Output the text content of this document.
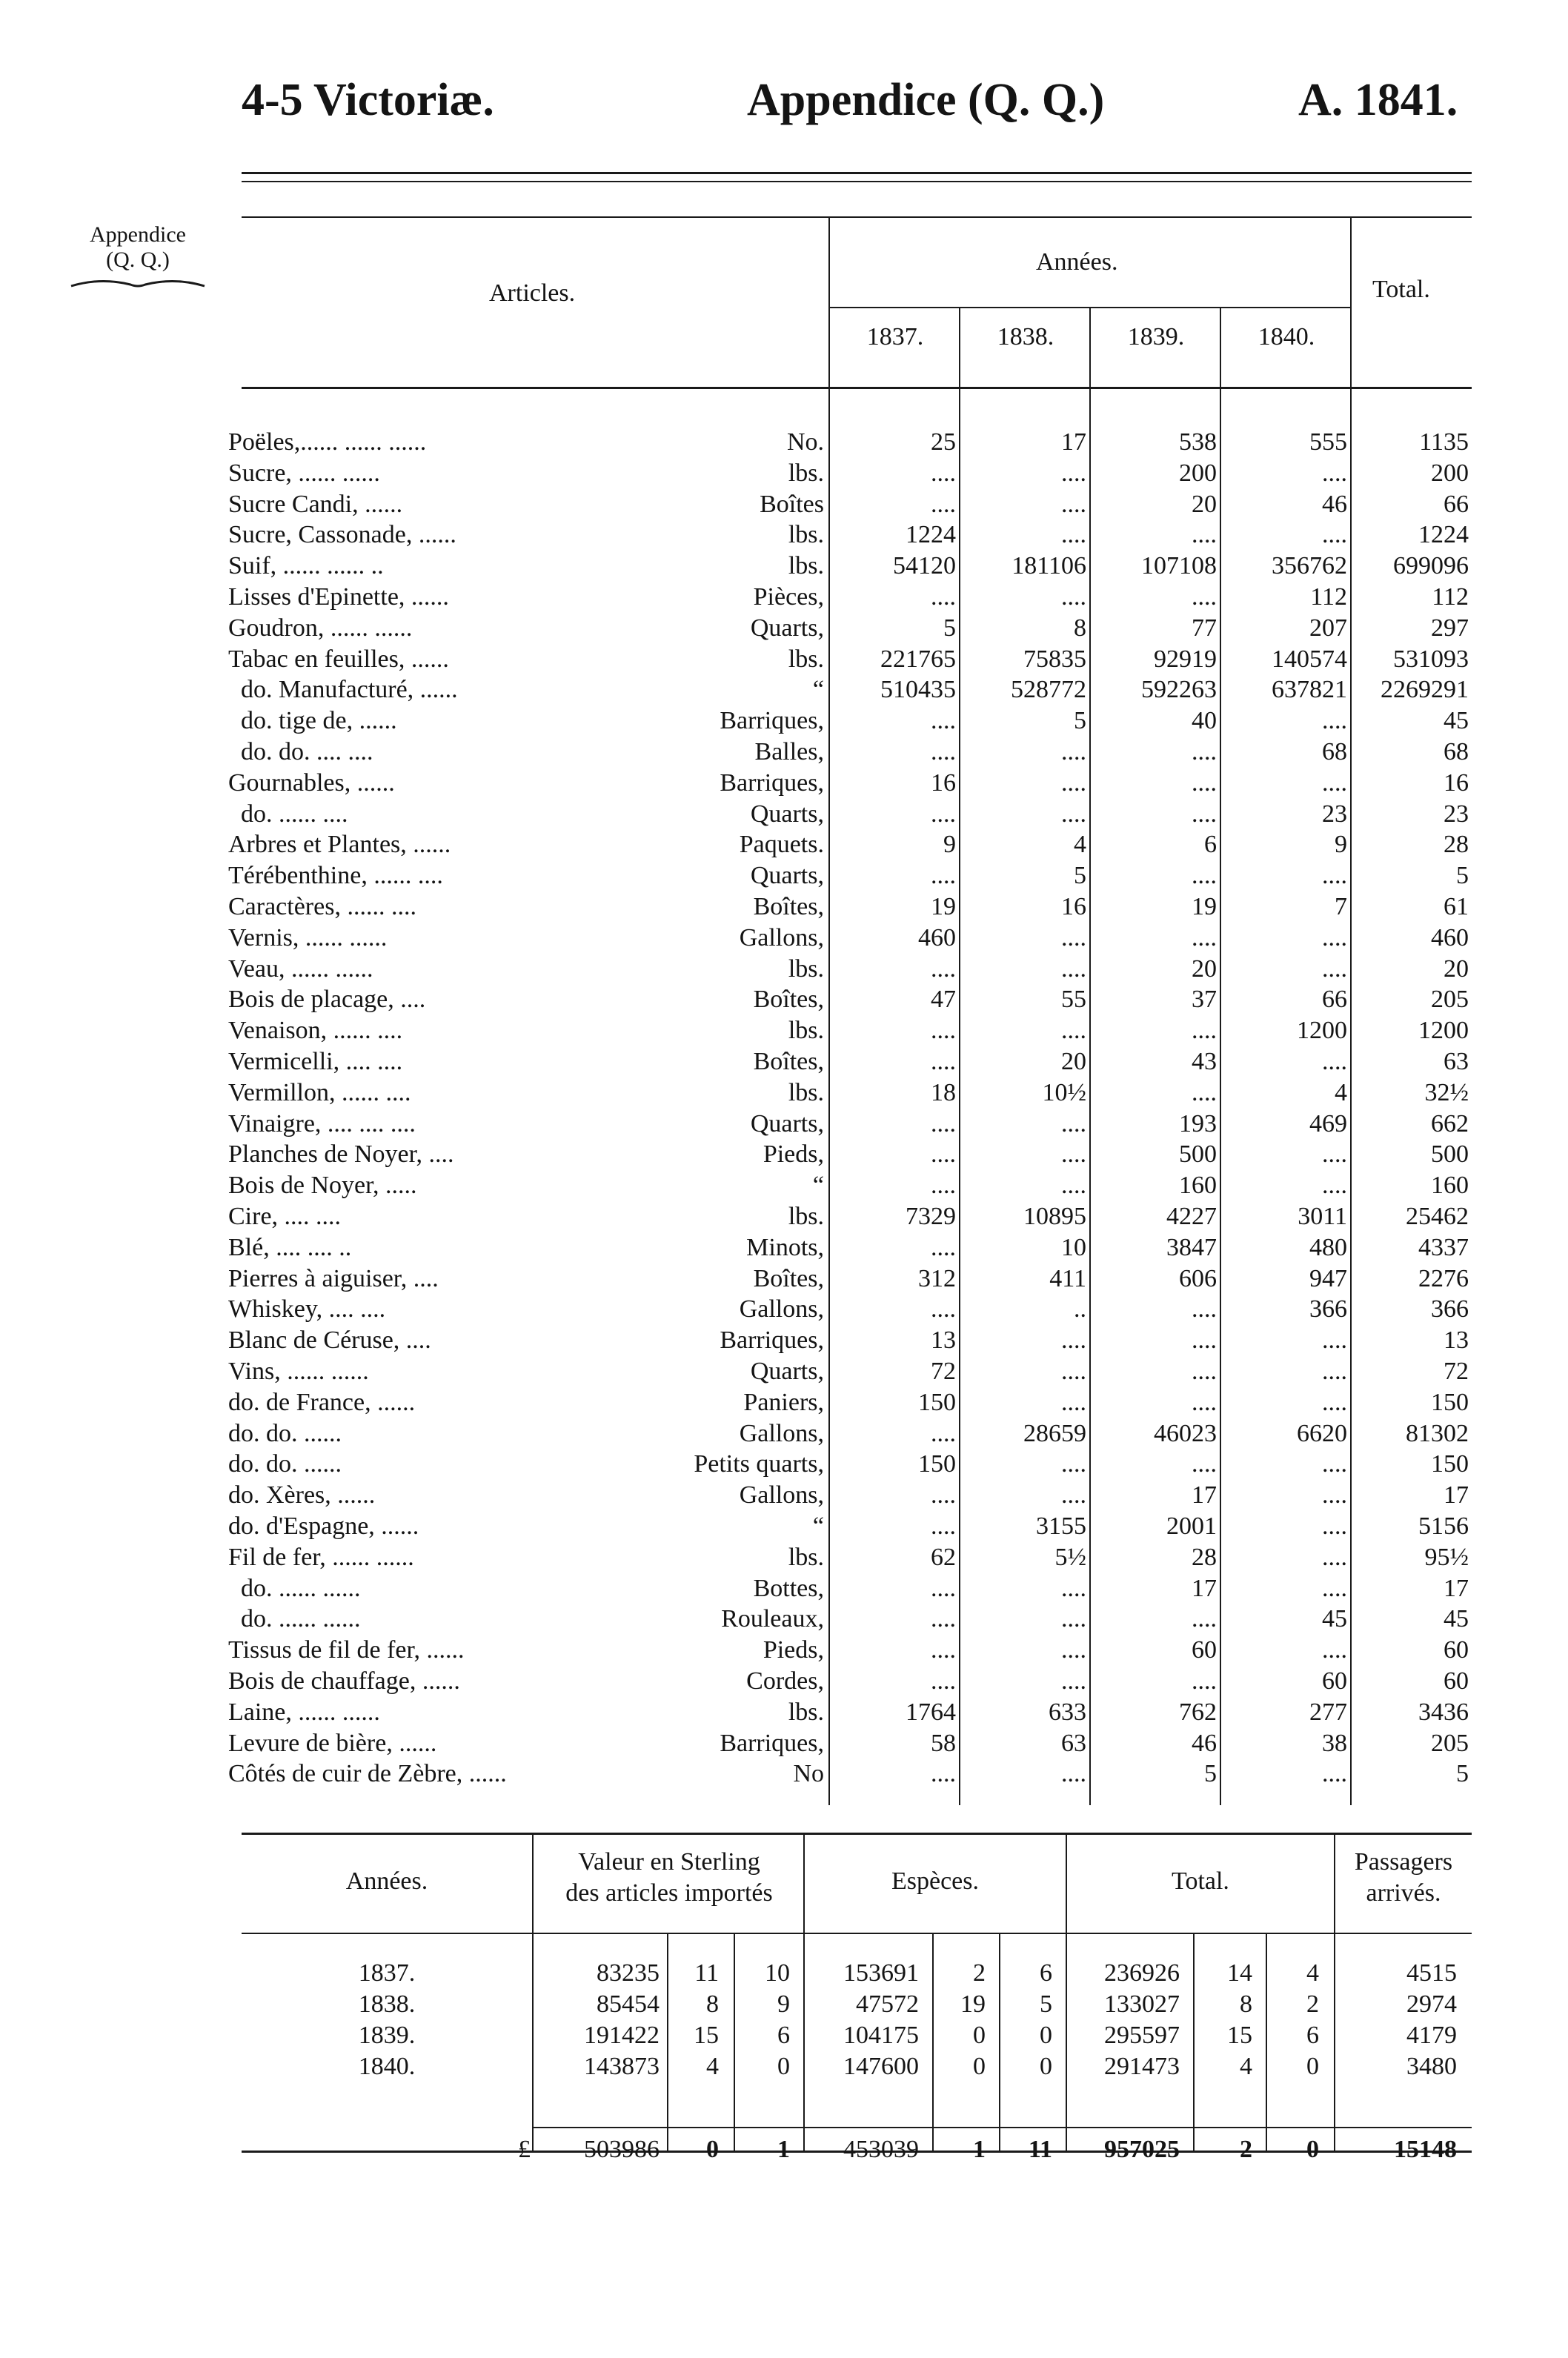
4-5 Victoriæ.	Appendice (Q. Q.)	A. 1841.
Appendice
(Q. Q.)
Articles.
Années.
Total.
1837.	1838.	1839.	1840.
Poëles,...... ...... ......	No.	25	17	538	555	1135
Sucre, ...... ......	lbs.	....	....	200	....	200
Sucre Candi, ......	Boîtes	....	....	20	46	66
Sucre, Cassonade, ......	lbs.	1224	....	....	....	1224
Suif, ...... ...... ..	lbs.	54120	181106	107108	356762	699096
Lisses d'Epinette, ......	Pièces,	....	....	....	112	112
Goudron, ...... ......	Quarts,	5	8	77	207	297
Tabac en feuilles, ......	lbs.	221765	75835	92919	140574	531093
do. Manufacturé, ......	“	510435	528772	592263	637821	2269291
do. tige de, ......	Barriques,	....	5	40	....	45
do. do. .... ....	Balles,	....	....	....	68	68
Gournables, ......	Barriques,	16	....	....	....	16
do. ...... ....	Quarts,	....	....	....	23	23
Arbres et Plantes, ......	Paquets.	9	4	6	9	28
Térébenthine, ...... ....	Quarts,	....	5	....	....	5
Caractères, ...... ....	Boîtes,	19	16	19	7	61
Vernis, ...... ......	Gallons,	460	....	....	....	460
Veau, ...... ......	lbs.	....	....	20	....	20
Bois de placage, ....	Boîtes,	47	55	37	66	205
Venaison, ...... ....	lbs.	....	....	....	1200	1200
Vermicelli, .... ....	Boîtes,	....	20	43	....	63
Vermillon, ...... ....	lbs.	18	10½	....	4	32½
Vinaigre, .... .... ....	Quarts,	....	....	193	469	662
Planches de Noyer, ....	Pieds,	....	....	500	....	500
Bois de Noyer, .....	“	....	....	160	....	160
Cire, .... ....	lbs.	7329	10895	4227	3011	25462
Blé, .... .... ..	Minots,	....	10	3847	480	4337
Pierres à aiguiser, ....	Boîtes,	312	411	606	947	2276
Whiskey, .... ....	Gallons,	....	..	....	366	366
Blanc de Céruse, ....	Barriques,	13	....	....	....	13
Vins, ...... ......	Quarts,	72	....	....	....	72
do. de France, ......	Paniers,	150	....	....	....	150
do. do. ......	Gallons,	....	28659	46023	6620	81302
do. do. ......	Petits quarts,	150	....	....	....	150
do. Xères, ......	Gallons,	....	....	17	....	17
do. d'Espagne, ......	“	....	3155	2001	....	5156
Fil de fer, ...... ......	lbs.	62	5½	28	....	95½
do. ...... ......	Bottes,	....	....	17	....	17
do. ...... ......	Rouleaux,	....	....	....	45	45
Tissus de fil de fer, ......	Pieds,	....	....	60	....	60
Bois de chauffage, ......	Cordes,	....	....	....	60	60
Laine, ...... ......	lbs.	1764	633	762	277	3436
Levure de bière, ......	Barriques,	58	63	46	38	205
Côtés de cuir de Zèbre, ......	No	....	....	5	....	5
Années.
Valeur en Sterling
des articles importés	Espèces.	Total.
Passagers
arrivés.
1837.	83235	11	10	153691	2	6	236926	14	4	4515
1838.	85454	8	9	47572	19	5	133027	8	2	2974
1839.	191422	15	6	104175	0	0	295597	15	6	4179
1840.	143873	4	0	147600	0	0	291473	4	0	3480
£	503986	0	1	453039	1	11	957025	2	0	15148
